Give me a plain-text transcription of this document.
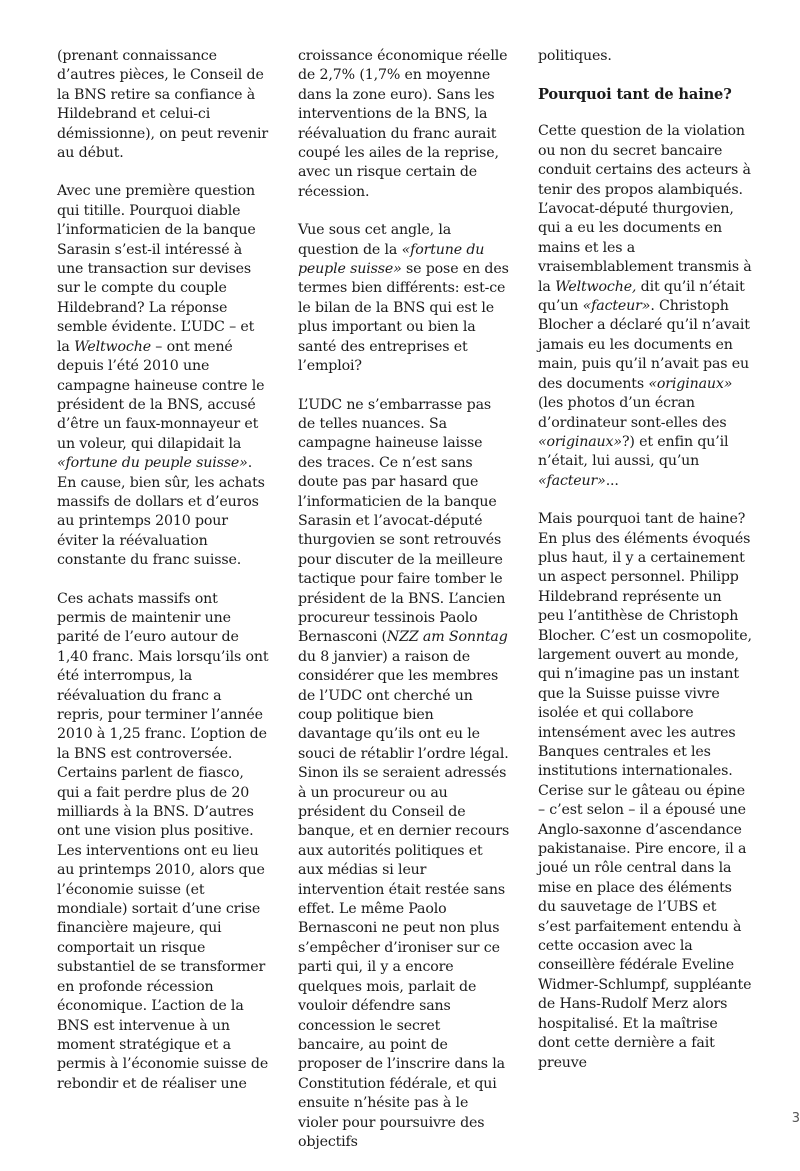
(prenant connaissance d’autres pièces, le Conseil de la BNS retire sa confiance à Hildebrand et celui-ci démissionne), on peut revenir au début.

Avec une première question qui titille. Pourquoi diable l’informaticien de la banque Sarasin s’est-il intéressé à une transaction sur devises sur le compte du couple Hildebrand? La réponse semble évidente. L’UDC – et la Weltwoche – ont mené depuis l’été 2010 une campagne haineuse contre le président de la BNS, accusé d’être un faux-monnayeur et un voleur, qui dilapidait la «fortune du peuple suisse». En cause, bien sûr, les achats massifs de dollars et d’euros au printemps 2010 pour éviter la réévaluation constante du franc suisse.

Ces achats massifs ont permis de maintenir une parité de l’euro autour de 1,40 franc. Mais lorsqu’ils ont été interrompus, la réévaluation du franc a repris, pour terminer l’année 2010 à 1,25 franc. L’option de la BNS est controversée. Certains parlent de fiasco, qui a fait perdre plus de 20 milliards à la BNS. D’autres ont une vision plus positive. Les interventions ont eu lieu au printemps 2010, alors que l’économie suisse (et mondiale) sortait d’une crise financière majeure, qui comportait un risque substantiel de se transformer en profonde récession économique. L’action de la BNS est intervenue à un moment stratégique et a permis à l’économie suisse de rebondir et de réaliser une

croissance économique réelle de 2,7% (1,7% en moyenne dans la zone euro). Sans les interventions de la BNS, la réévaluation du franc aurait coupé les ailes de la reprise, avec un risque certain de récession.

Vue sous cet angle, la question de la «fortune du peuple suisse» se pose en des termes bien différents: est-ce le bilan de la BNS qui est le plus important ou bien la santé des entreprises et l’emploi?

L’UDC ne s’embarrasse pas de telles nuances. Sa campagne haineuse laisse des traces. Ce n’est sans doute pas par hasard que l’informaticien de la banque Sarasin et l’avocat-député thurgovien se sont retrouvés pour discuter de la meilleure tactique pour faire tomber le président de la BNS. L’ancien procureur tessinois Paolo Bernasconi (NZZ am Sonntag du 8 janvier) a raison de considérer que les membres de l’UDC ont cherché un coup politique bien davantage qu’ils ont eu le souci de rétablir l’ordre légal. Sinon ils se seraient adressés à un procureur ou au président du Conseil de banque, et en dernier recours aux autorités politiques et aux médias si leur intervention était restée sans effet. Le même Paolo Bernasconi ne peut non plus s’empêcher d’ironiser sur ce parti qui, il y a encore quelques mois, parlait de vouloir défendre sans concession le secret bancaire, au point de proposer de l’inscrire dans la Constitution fédérale, et qui ensuite n’hésite pas à le violer pour poursuivre des objectifs

politiques.

Pourquoi tant de haine?

Cette question de la violation ou non du secret bancaire conduit certains des acteurs à tenir des propos alambiqués. L’avocat-député thurgovien, qui a eu les documents en mains et les a vraisemblablement transmis à la Weltwoche, dit qu’il n’était qu’un «facteur». Christoph Blocher a déclaré qu’il n’avait jamais eu les documents en main, puis qu’il n’avait pas eu des documents «originaux» (les photos d’un écran d’ordinateur sont-elles des «originaux»?) et enfin qu’il n’était, lui aussi, qu’un «facteur»...

Mais pourquoi tant de haine? En plus des éléments évoqués plus haut, il y a certainement un aspect personnel. Philipp Hildebrand représente un peu l’antithèse de Christoph Blocher. C’est un cosmopolite, largement ouvert au monde, qui n’imagine pas un instant que la Suisse puisse vivre isolée et qui collabore intensément avec les autres Banques centrales et les institutions internationales. Cerise sur le gâteau ou épine – c’est selon – il a épousé une Anglo-saxonne d’ascendance pakistanaise. Pire encore, il a joué un rôle central dans la mise en place des éléments du sauvetage de l’UBS et s’est parfaitement entendu à cette occasion avec la conseillère fédérale Eveline Widmer-Schlumpf, suppléante de Hans-Rudolf Merz alors hospitalisé. Et la maîtrise dont cette dernière a fait preuve

3
